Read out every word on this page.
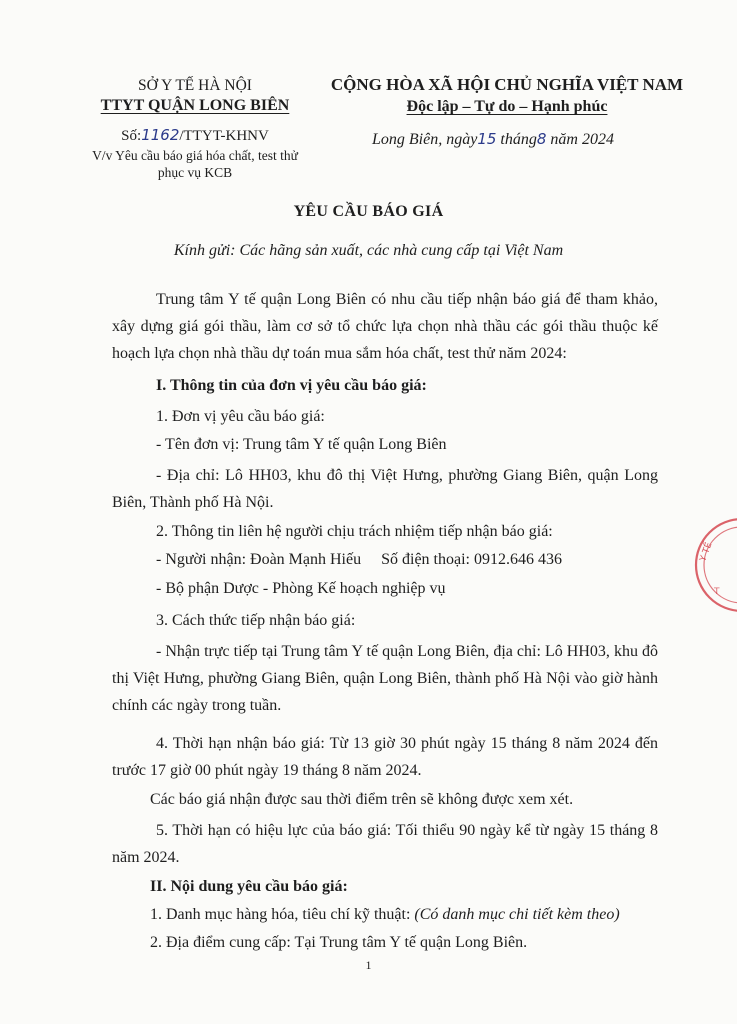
SỞ Y TẾ HÀ NỘI
TTYT QUẬN LONG BIÊN
Số:1162/TTYT-KHNV
V/v Yêu cầu báo giá hóa chất, test thử phục vụ KCB
CỘNG HÒA XÃ HỘI CHỦ NGHĨA VIỆT NAM
Độc lập – Tự do – Hạnh phúc
Long Biên, ngày15 tháng8 năm 2024
YÊU CẦU BÁO GIÁ
Kính gửi: Các hãng sản xuất, các nhà cung cấp tại Việt Nam
Trung tâm Y tế quận Long Biên có nhu cầu tiếp nhận báo giá để tham khảo, xây dựng giá gói thầu, làm cơ sở tổ chức lựa chọn nhà thầu các gói thầu thuộc kế hoạch lựa chọn nhà thầu dự toán mua sắm hóa chất, test thử năm 2024:
I. Thông tin của đơn vị yêu cầu báo giá:
1. Đơn vị yêu cầu báo giá:
- Tên đơn vị: Trung tâm Y tế quận Long Biên
- Địa chỉ: Lô HH03, khu đô thị Việt Hưng, phường Giang Biên, quận Long Biên, Thành phố Hà Nội.
2. Thông tin liên hệ người chịu trách nhiệm tiếp nhận báo giá:
- Người nhận: Đoàn Mạnh Hiếu Số điện thoại: 0912.646 436
- Bộ phận Dược - Phòng Kế hoạch nghiệp vụ
3. Cách thức tiếp nhận báo giá:
- Nhận trực tiếp tại Trung tâm Y tế quận Long Biên, địa chỉ: Lô HH03, khu đô thị Việt Hưng, phường Giang Biên, quận Long Biên, thành phố Hà Nội vào giờ hành chính các ngày trong tuần.
4. Thời hạn nhận báo giá: Từ 13 giờ 30 phút ngày 15 tháng 8 năm 2024 đến trước 17 giờ 00 phút ngày 19 tháng 8 năm 2024.
Các báo giá nhận được sau thời điểm trên sẽ không được xem xét.
5. Thời hạn có hiệu lực của báo giá: Tối thiểu 90 ngày kể từ ngày 15 tháng 8 năm 2024.
II. Nội dung yêu cầu báo giá:
1. Danh mục hàng hóa, tiêu chí kỹ thuật: (Có danh mục chi tiết kèm theo)
2. Địa điểm cung cấp: Tại Trung tâm Y tế quận Long Biên.
1
Y TẾ
T
